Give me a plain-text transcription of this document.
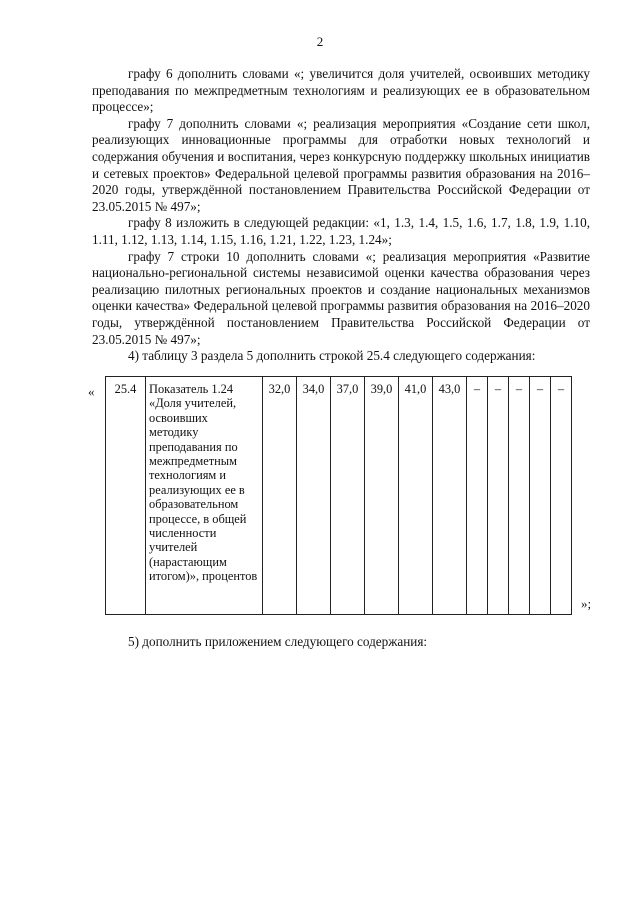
2

графу 6 дополнить словами «; увеличится доля учителей, освоивших методику преподавания по межпредметным технологиям и реализующих ее в образовательном процессе»;

графу 7 дополнить словами «; реализация мероприятия «Создание сети школ, реализующих инновационные программы для отработки новых технологий и содержания обучения и воспитания, через конкурсную поддержку школьных инициатив и сетевых проектов» Федеральной целевой программы развития образования на 2016–2020 годы, утверждённой постановлением Правительства Российской Федерации от 23.05.2015 № 497»;

графу 8 изложить в следующей редакции: «1, 1.3, 1.4, 1.5, 1.6, 1.7, 1.8, 1.9, 1.10, 1.11, 1.12, 1.13, 1.14, 1.15, 1.16, 1.21, 1.22, 1.23, 1.24»;

графу 7 строки 10 дополнить словами «; реализация мероприятия «Развитие национально-региональной системы независимой оценки качества образования через реализацию пилотных региональных проектов и создание национальных механизмов оценки качества» Федеральной целевой программы развития образования на 2016–2020 годы, утверждённой постановлением Правительства Российской Федерации от 23.05.2015 № 497»;

4) таблицу 3 раздела 5 дополнить строкой 25.4 следующего содержания:

« 25.4	Показатель 1.24 «Доля учителей, освоивших методику преподавания по межпредметным технологиям и реализующих ее в образовательном процессе, в общей численности учителей (нарастающим итогом)», процентов	32,0	34,0	37,0	39,0	41,0	43,0	–	–	–	–	–
»;
5) дополнить приложением следующего содержания:
